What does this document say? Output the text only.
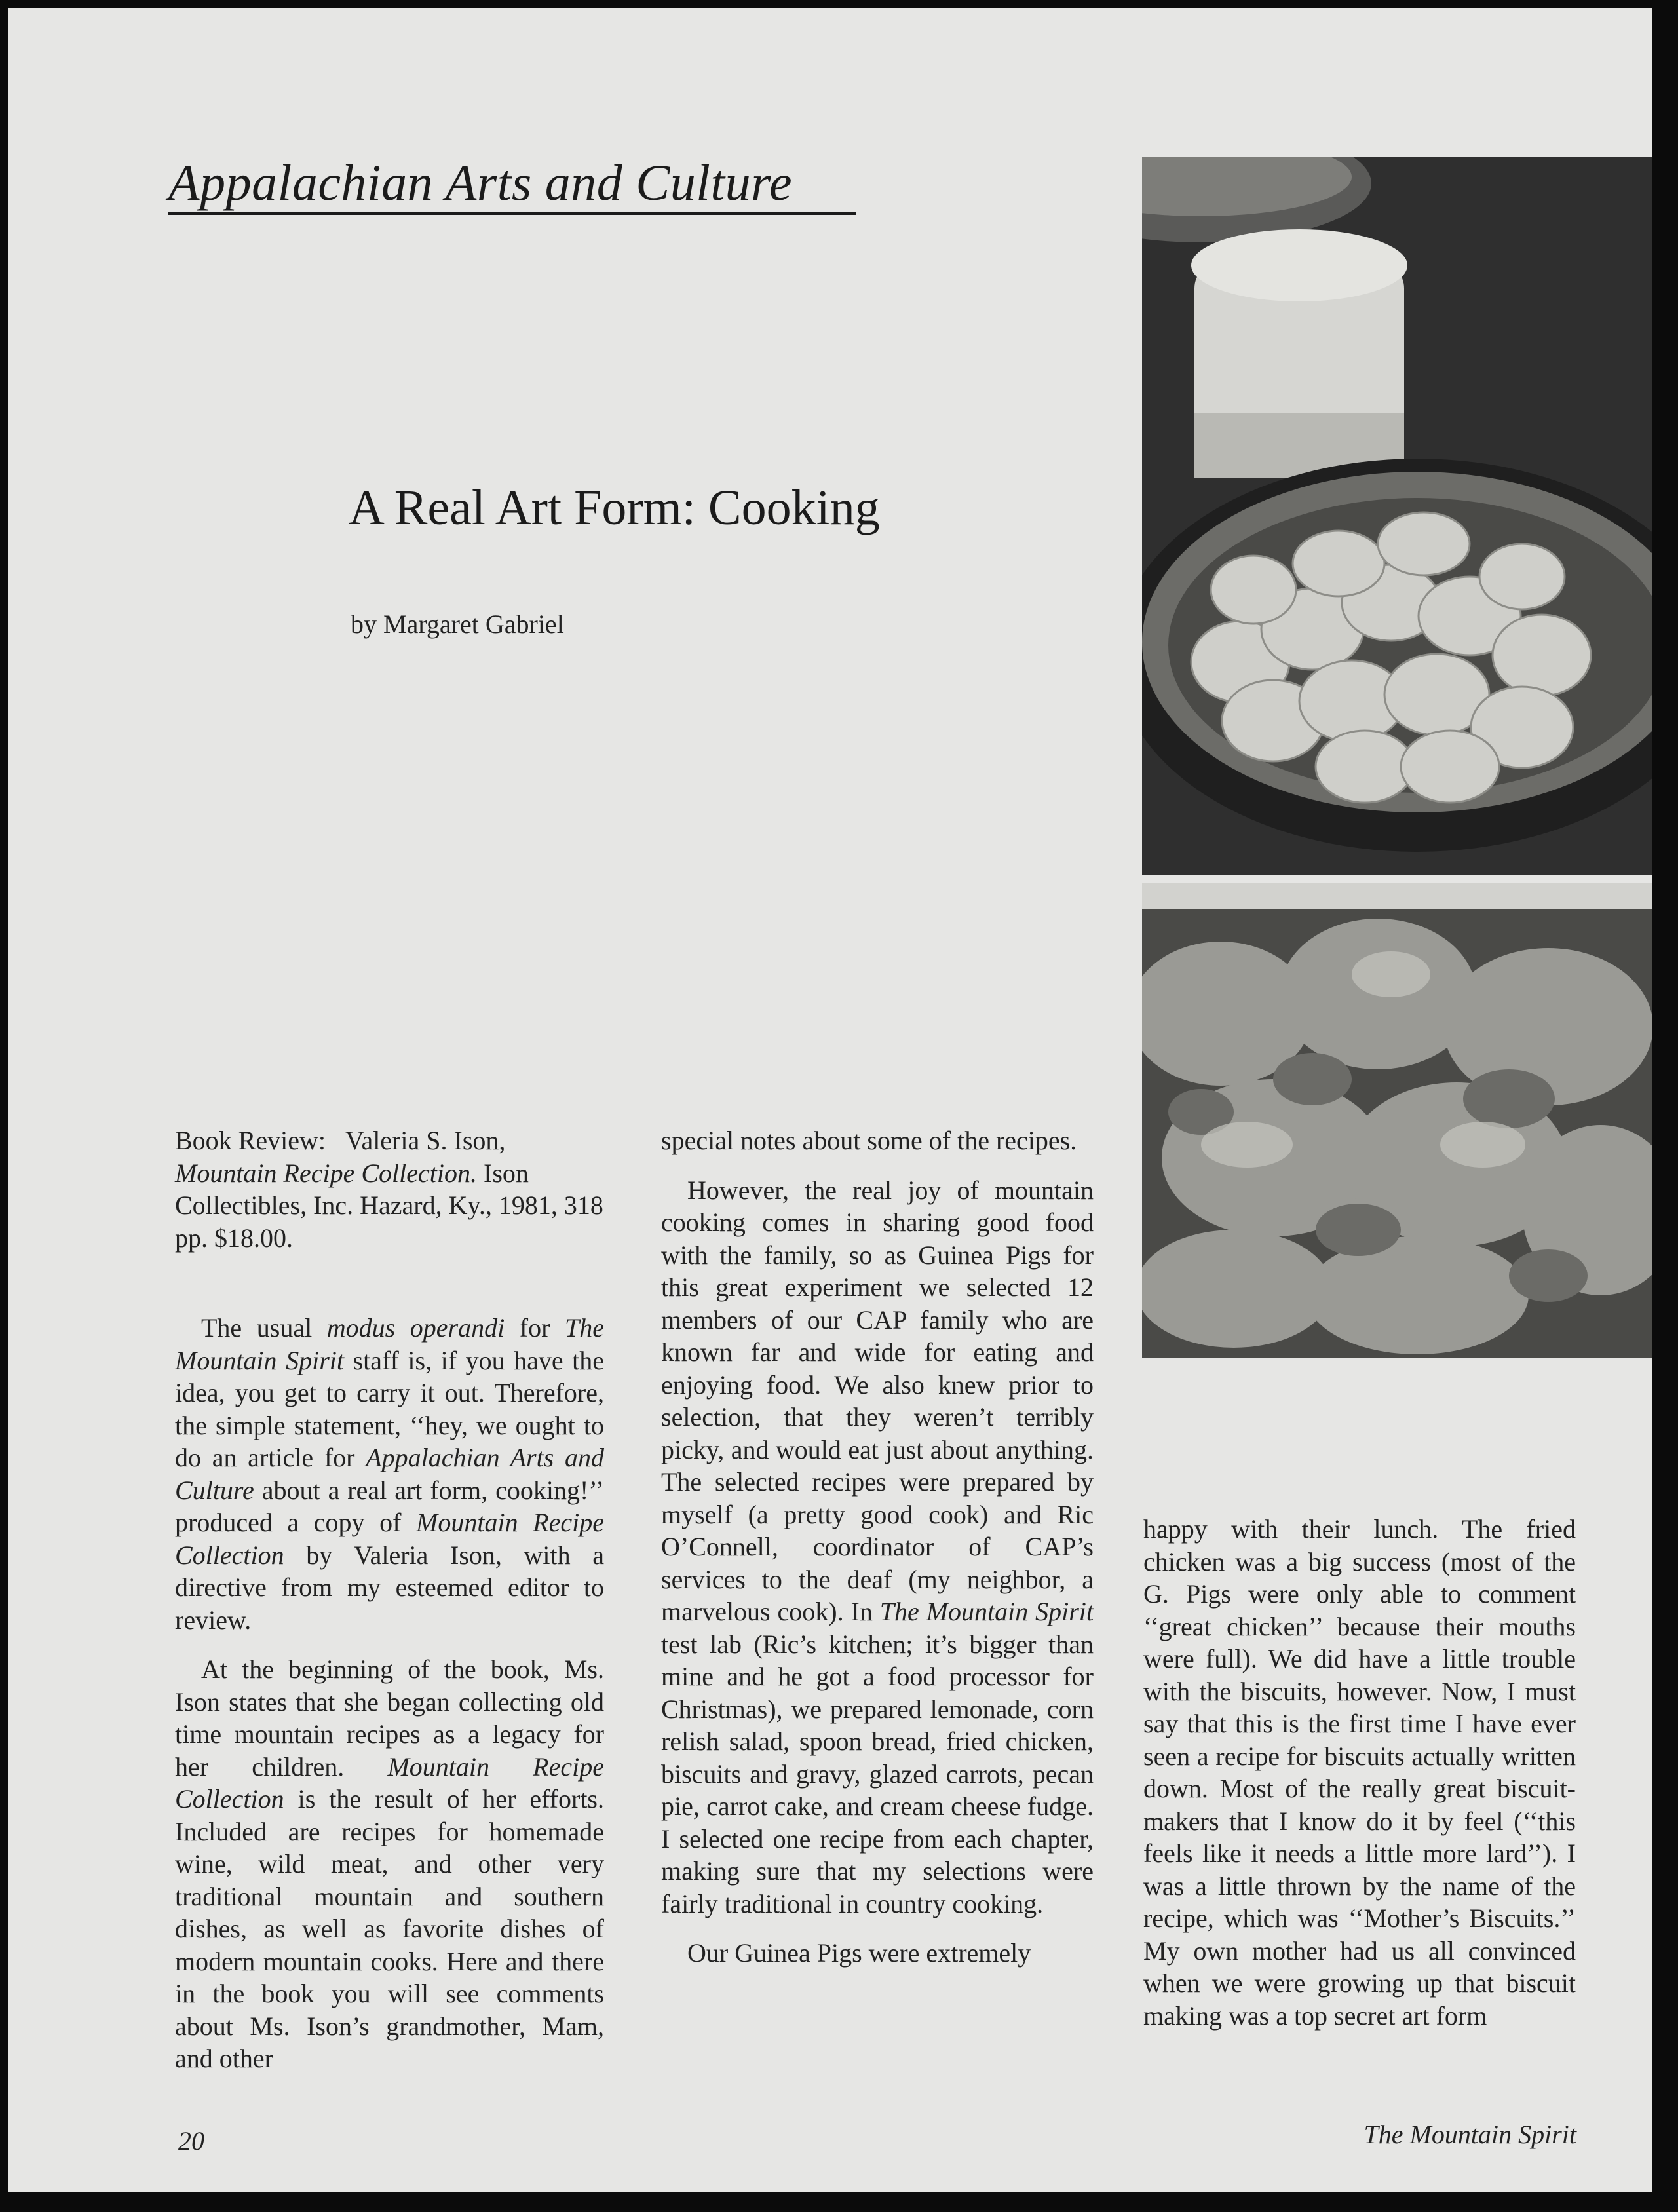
Appalachian Arts and Culture
A Real Art Form: Cooking

by Margaret Gabriel

Book Review: Valeria S. Ison, Mountain Recipe Collection. Ison Collectibles, Inc. Hazard, Ky., 1981, 318 pp. $18.00.

The usual modus operandi for The Mountain Spirit staff is, if you have the idea, you get to carry it out. Therefore, the simple statement, ‘‘hey, we ought to do an article for Appalachian Arts and Culture about a real art form, cooking!’’ produced a copy of Mountain Recipe Collection by Valeria Ison, with a directive from my esteemed editor to review.

At the beginning of the book, Ms. Ison states that she began collecting old time mountain recipes as a legacy for her children. Mountain Recipe Collection is the result of her efforts. Included are recipes for homemade wine, wild meat, and other very traditional mountain and southern dishes, as well as favorite dishes of modern mountain cooks. Here and there in the book you will see comments about Ms. Ison’s grandmother, Mam, and other

special notes about some of the recipes.

However, the real joy of mountain cooking comes in sharing good food with the family, so as Guinea Pigs for this great experiment we selected 12 members of our CAP family who are known far and wide for eating and enjoying food. We also knew prior to selection, that they weren’t terribly picky, and would eat just about anything. The selected recipes were prepared by myself (a pretty good cook) and Ric O’Connell, coordinator of CAP’s services to the deaf (my neighbor, a marvelous cook). In The Mountain Spirit test lab (Ric’s kitchen; it’s bigger than mine and he got a food processor for Christmas), we prepared lemonade, corn relish salad, spoon bread, fried chicken, biscuits and gravy, glazed carrots, pecan pie, carrot cake, and cream cheese fudge. I selected one recipe from each chapter, making sure that my selections were fairly traditional in country cooking.

Our Guinea Pigs were extremely

happy with their lunch. The fried chicken was a big success (most of the G. Pigs were only able to comment ‘‘great chicken’’ because their mouths were full). We did have a little trouble with the biscuits, however. Now, I must say that this is the first time I have ever seen a recipe for biscuits actually written down. Most of the really great biscuit-makers that I know do it by feel (‘‘this feels like it needs a little more lard’’). I was a little thrown by the name of the recipe, which was ‘‘Mother’s Biscuits.’’ My own mother had us all convinced when we were growing up that biscuit making was a top secret art form

20	The Mountain Spirit
